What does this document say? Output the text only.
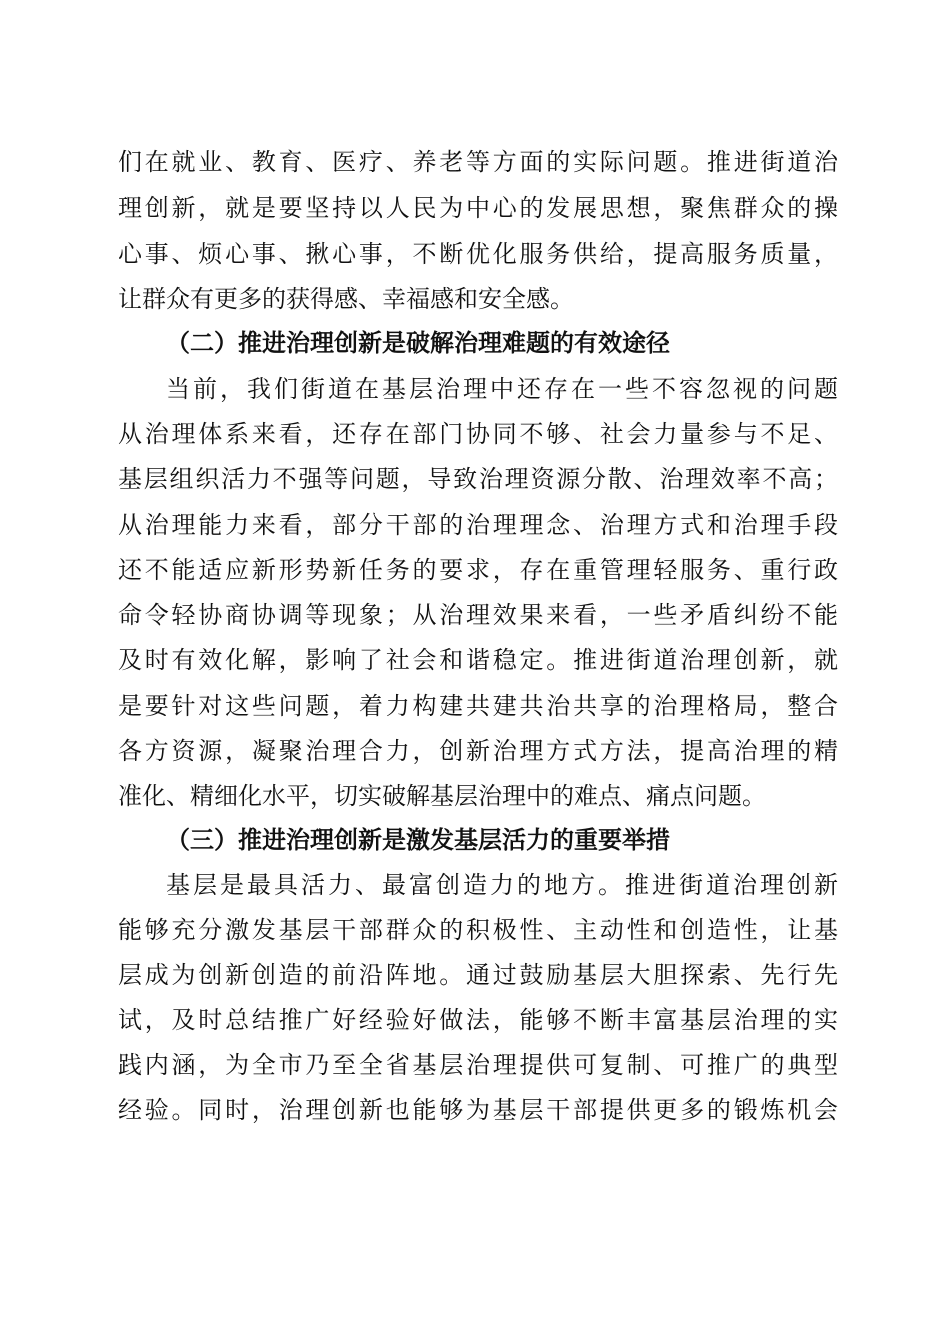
们在就业、教育、医疗、养老等方面的实际问题。推进街道治
理创新，就是要坚持以人民为中心的发展思想，聚焦群众的操
心事、烦心事、揪心事，不断优化服务供给，提高服务质量，
让群众有更多的获得感、幸福感和安全感。
（二）推进治理创新是破解治理难题的有效途径
当前，我们街道在基层治理中还存在一些不容忽视的问题
从治理体系来看，还存在部门协同不够、社会力量参与不足、
基层组织活力不强等问题，导致治理资源分散、治理效率不高；
从治理能力来看，部分干部的治理理念、治理方式和治理手段
还不能适应新形势新任务的要求，存在重管理轻服务、重行政
命令轻协商协调等现象；从治理效果来看，一些矛盾纠纷不能
及时有效化解，影响了社会和谐稳定。推进街道治理创新，就
是要针对这些问题，着力构建共建共治共享的治理格局，整合
各方资源，凝聚治理合力，创新治理方式方法，提高治理的精
准化、精细化水平，切实破解基层治理中的难点、痛点问题。
（三）推进治理创新是激发基层活力的重要举措
基层是最具活力、最富创造力的地方。推进街道治理创新
能够充分激发基层干部群众的积极性、主动性和创造性，让基
层成为创新创造的前沿阵地。通过鼓励基层大胆探索、先行先
试，及时总结推广好经验好做法，能够不断丰富基层治理的实
践内涵，为全市乃至全省基层治理提供可复制、可推广的典型
经验。同时，治理创新也能够为基层干部提供更多的锻炼机会
